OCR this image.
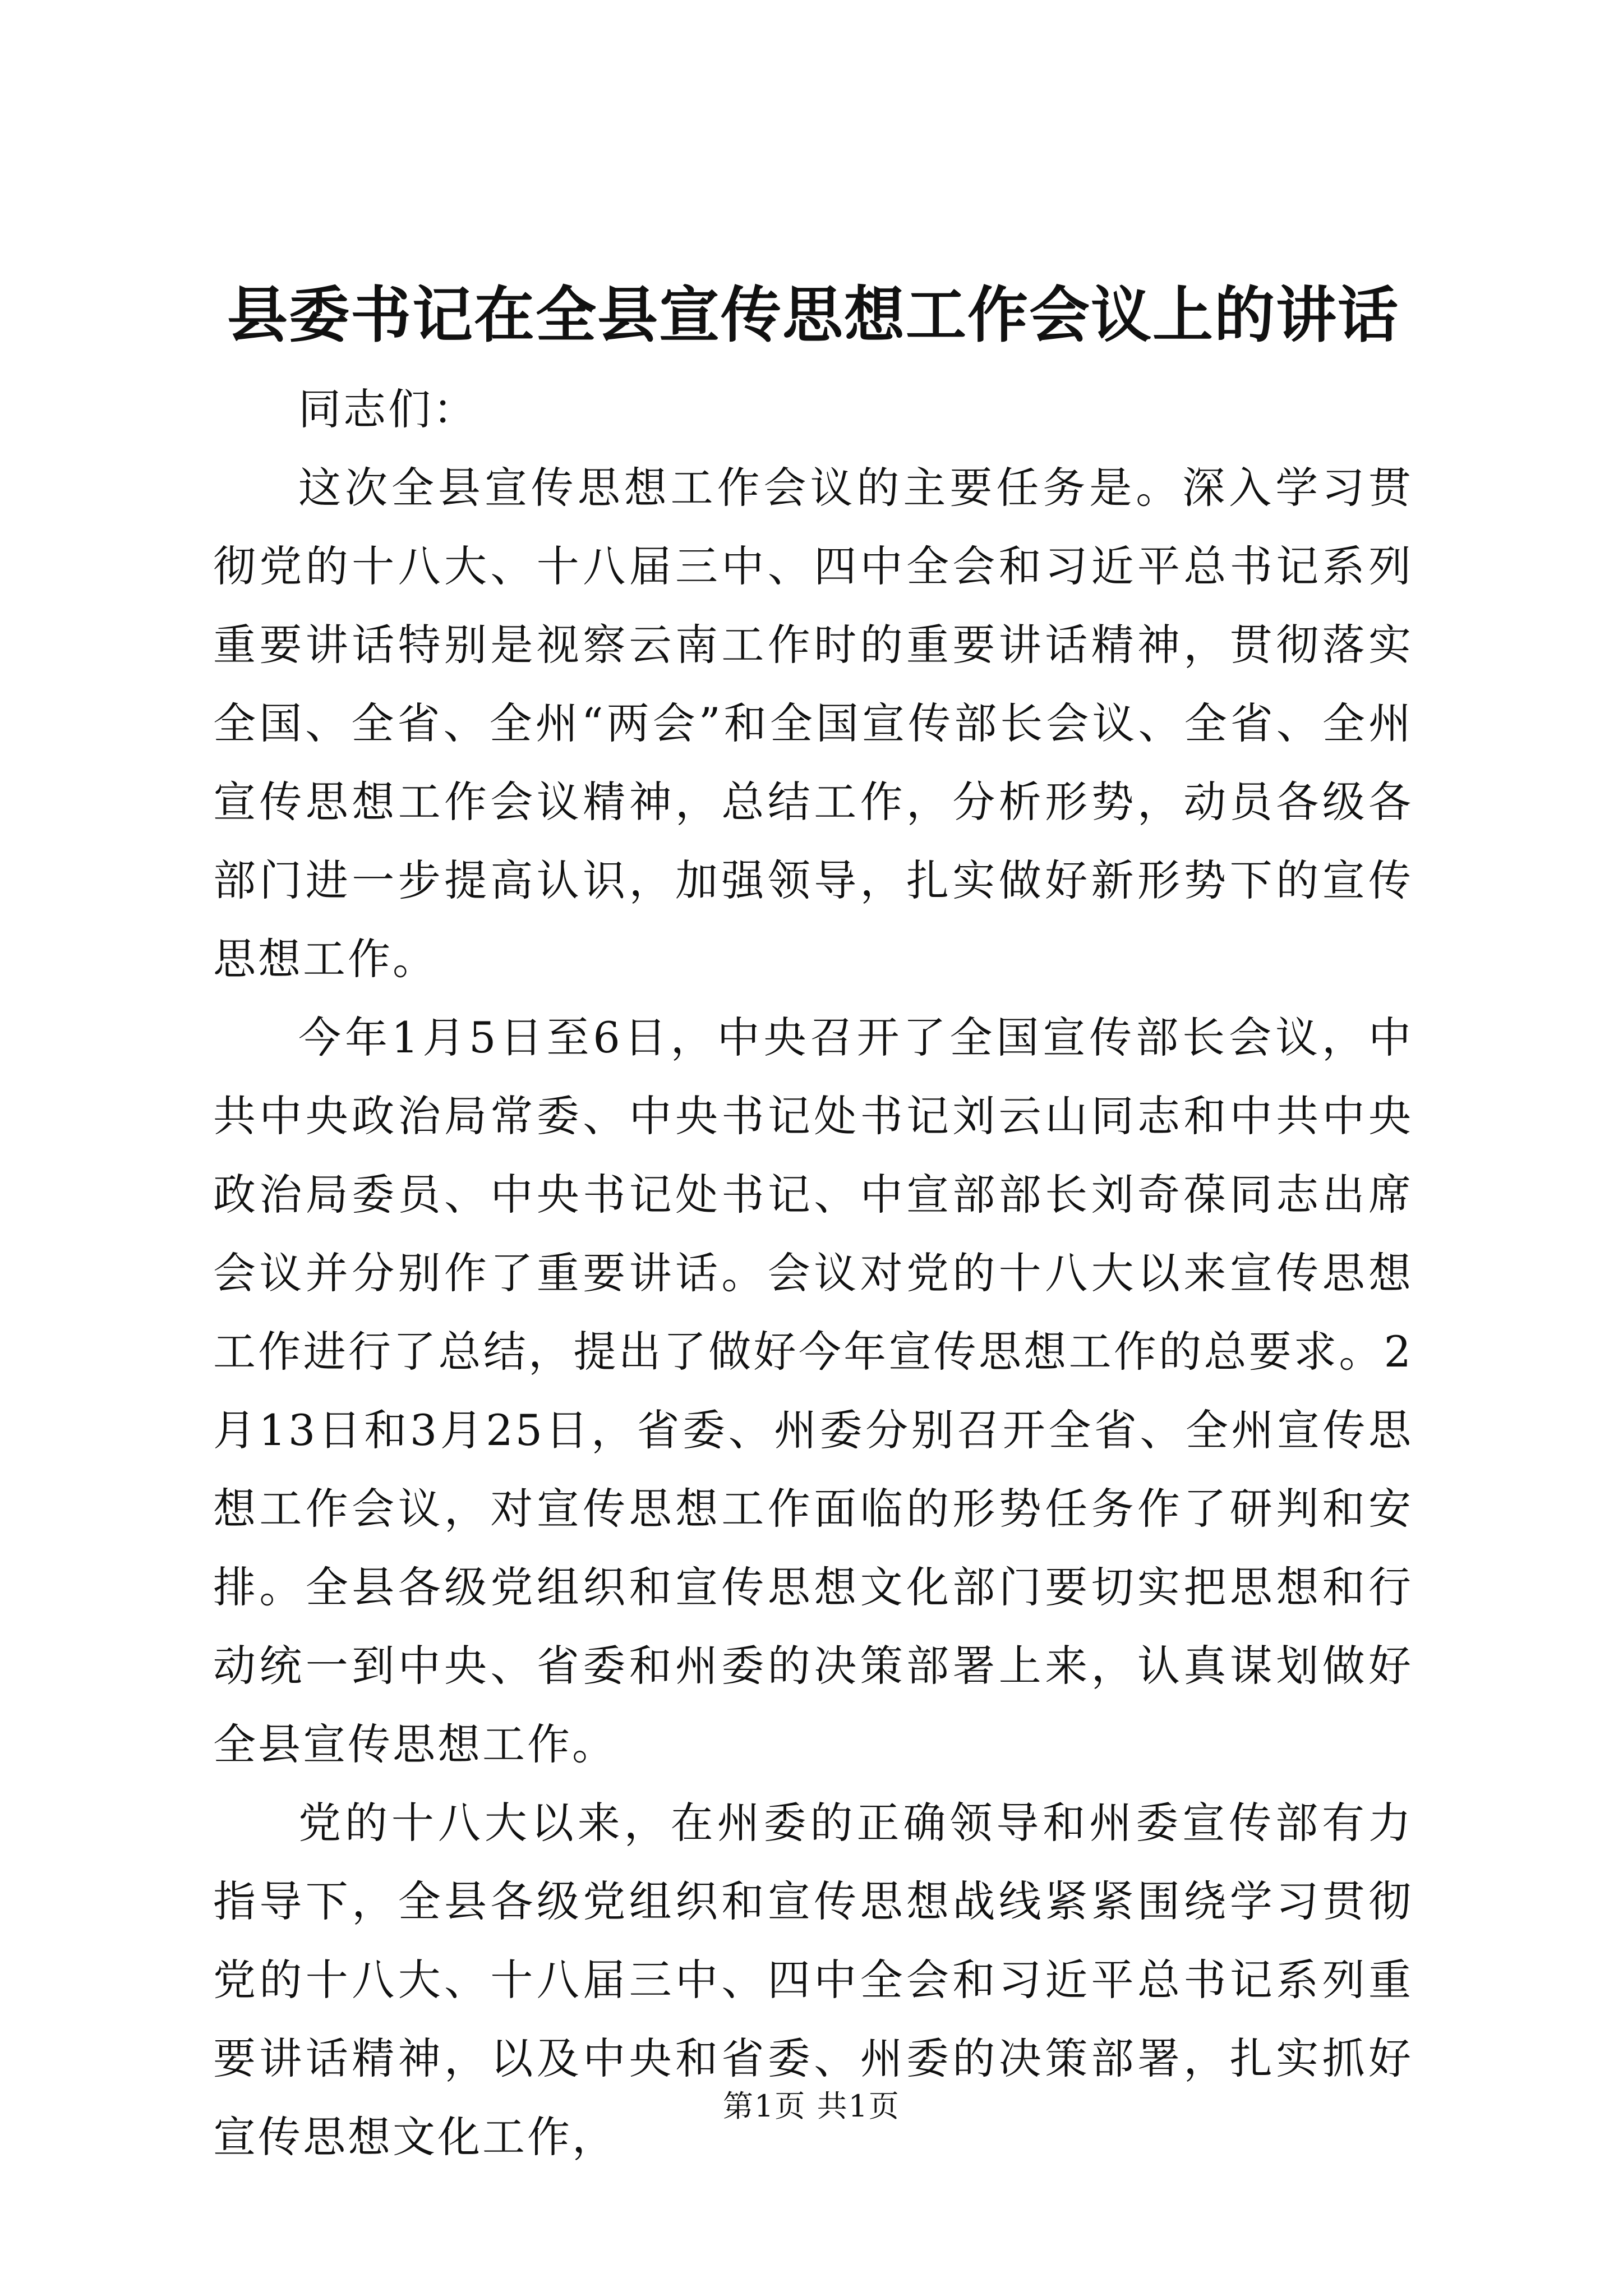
县委书记在全县宣传思想工作会议上的讲话

同志们：

这次全县宣传思想工作会议的主要任务是。深入学习贯彻党的十八大、十八届三中、四中全会和习近平总书记系列重要讲话特别是视察云南工作时的重要讲话精神，贯彻落实全国、全省、全州“两会”和全国宣传部长会议、全省、全州宣传思想工作会议精神，总结工作，分析形势，动员各级各部门进一步提高认识，加强领导，扎实做好新形势下的宣传思想工作。

今年1月5日至6日，中央召开了全国宣传部长会议，中共中央政治局常委、中央书记处书记刘云山同志和中共中央政治局委员、中央书记处书记、中宣部部长刘奇葆同志出席会议并分别作了重要讲话。会议对党的十八大以来宣传思想工作进行了总结，提出了做好今年宣传思想工作的总要求。2月13日和3月25日，省委、州委分别召开全省、全州宣传思想工作会议，对宣传思想工作面临的形势任务作了研判和安排。全县各级党组织和宣传思想文化部门要切实把思想和行动统一到中央、省委和州委的决策部署上来，认真谋划做好全县宣传思想工作。

党的十八大以来，在州委的正确领导和州委宣传部有力指导下，全县各级党组织和宣传思想战线紧紧围绕学习贯彻党的十八大、十八届三中、四中全会和习近平总书记系列重要讲话精神，以及中央和省委、州委的决策部署，扎实抓好宣传思想文化工作，

第1页 共1页
